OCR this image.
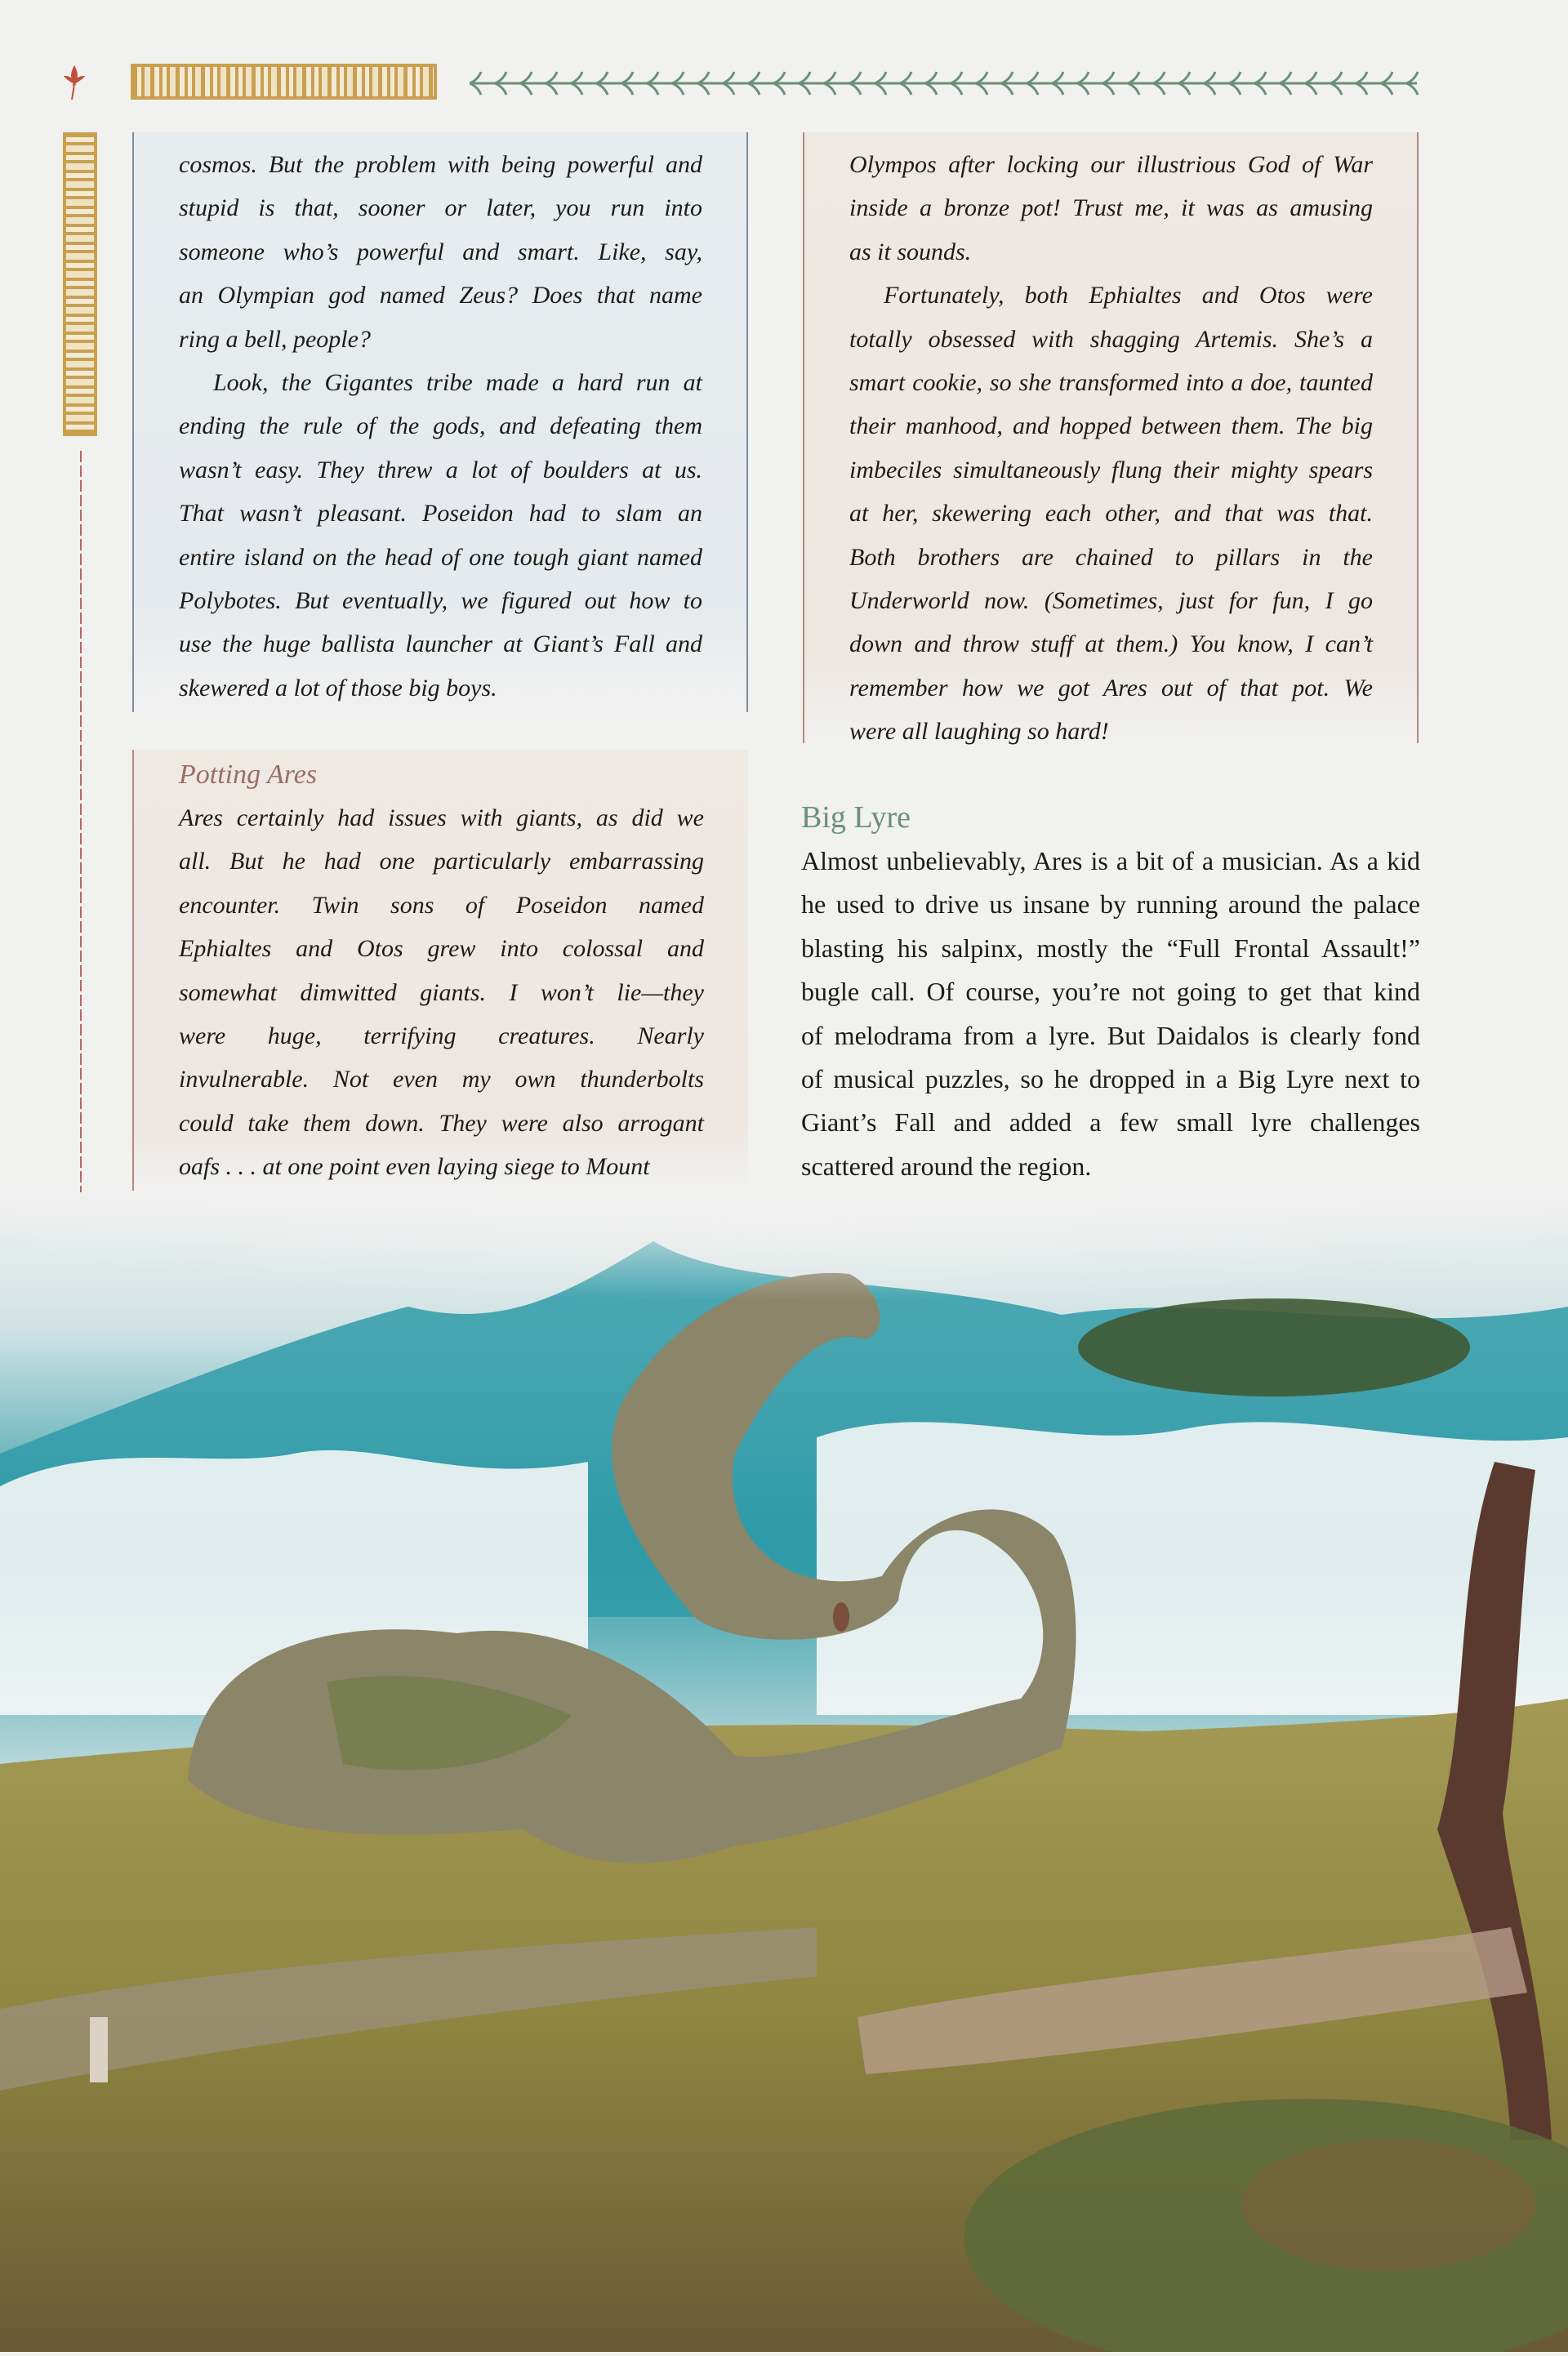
cosmos. But the problem with being powerful and
stupid is that, sooner or later, you run into
someone who’s powerful and smart. Like, say,
an Olympian god named Zeus? Does that name
ring a bell, people?
Look, the Gigantes tribe made a hard run at
ending the rule of the gods, and defeating them
wasn’t easy. They threw a lot of boulders at us.
That wasn’t pleasant. Poseidon had to slam an
entire island on the head of one tough giant named
Polybotes. But eventually, we figured out how to
use the huge ballista launcher at Giant’s Fall and
skewered a lot of those big boys.
Potting Ares
Ares certainly had issues with giants, as did we
all. But he had one particularly embarrassing
encounter. Twin sons of Poseidon named
Ephialtes and Otos grew into colossal and
somewhat dimwitted giants. I won’t lie—they
were huge, terrifying creatures. Nearly
invulnerable. Not even my own thunderbolts
could take them down. They were also arrogant
oafs . . . at one point even laying siege to Mount
Olympos after locking our illustrious God of War
inside a bronze pot! Trust me, it was as amusing
as it sounds.
Fortunately, both Ephialtes and Otos were
totally obsessed with shagging Artemis. She’s a
smart cookie, so she transformed into a doe, taunted
their manhood, and hopped between them. The big
imbeciles simultaneously flung their mighty spears
at her, skewering each other, and that was that.
Both brothers are chained to pillars in the
Underworld now. (Sometimes, just for fun, I go
down and throw stuff at them.) You know, I can’t
remember how we got Ares out of that pot. We
were all laughing so hard!
Big Lyre
Almost unbelievably, Ares is a bit of a musician. As a kid
he used to drive us insane by running around the palace
blasting his salpinx, mostly the “Full Frontal Assault!”
bugle call. Of course, you’re not going to get that kind
of melodrama from a lyre. But Daidalos is clearly fond
of musical puzzles, so he dropped in a Big Lyre next to
Giant’s Fall and added a few small lyre challenges
scattered around the region.
